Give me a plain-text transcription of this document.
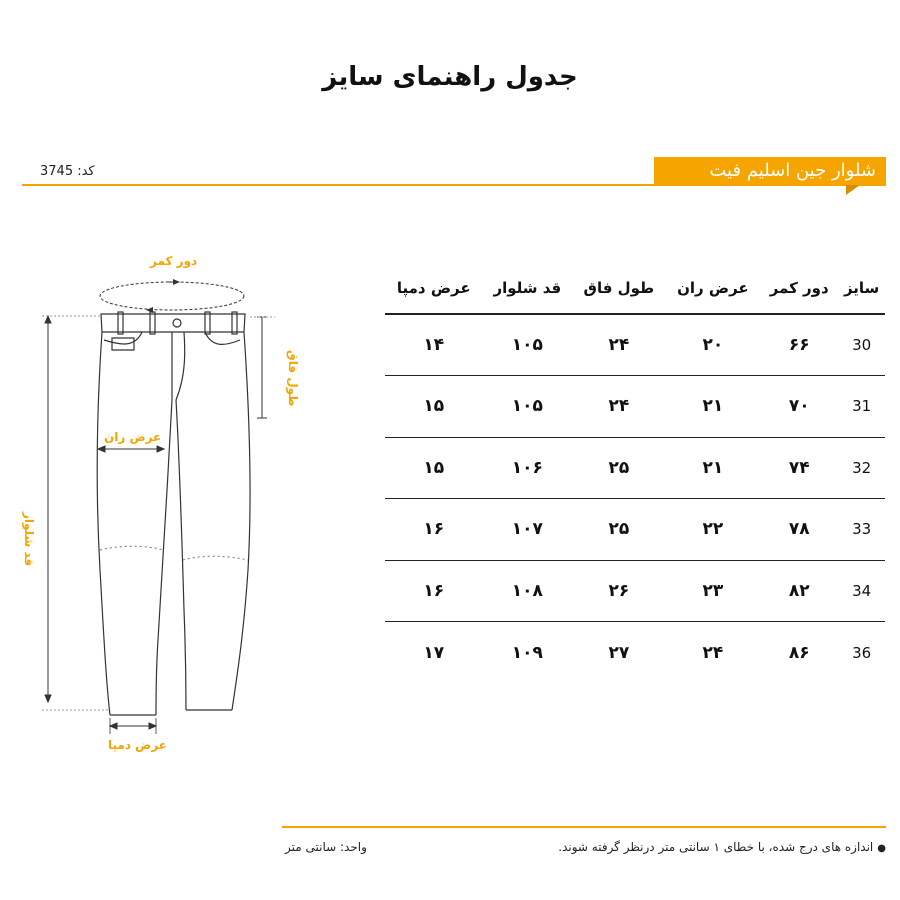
جدول راهنمای سایز
شلوار جین اسلیم فیت
کد: 3745
دور کمر
طول فاق
عرض ران
قد شلوار
عرض دمپا
سایز	دور کمر	عرض ران	طول فاق	قد شلوار	عرض دمپا
30	۶۶	۲۰	۲۴	۱۰۵	۱۴
31	۷۰	۲۱	۲۴	۱۰۵	۱۵
32	۷۴	۲۱	۲۵	۱۰۶	۱۵
33	۷۸	۲۲	۲۵	۱۰۷	۱۶
34	۸۲	۲۳	۲۶	۱۰۸	۱۶
36	۸۶	۲۴	۲۷	۱۰۹	۱۷
●اندازه های درج شده، با خطای ۱ سانتی متر درنظر گرفته شوند.
واحد: سانتی متر
